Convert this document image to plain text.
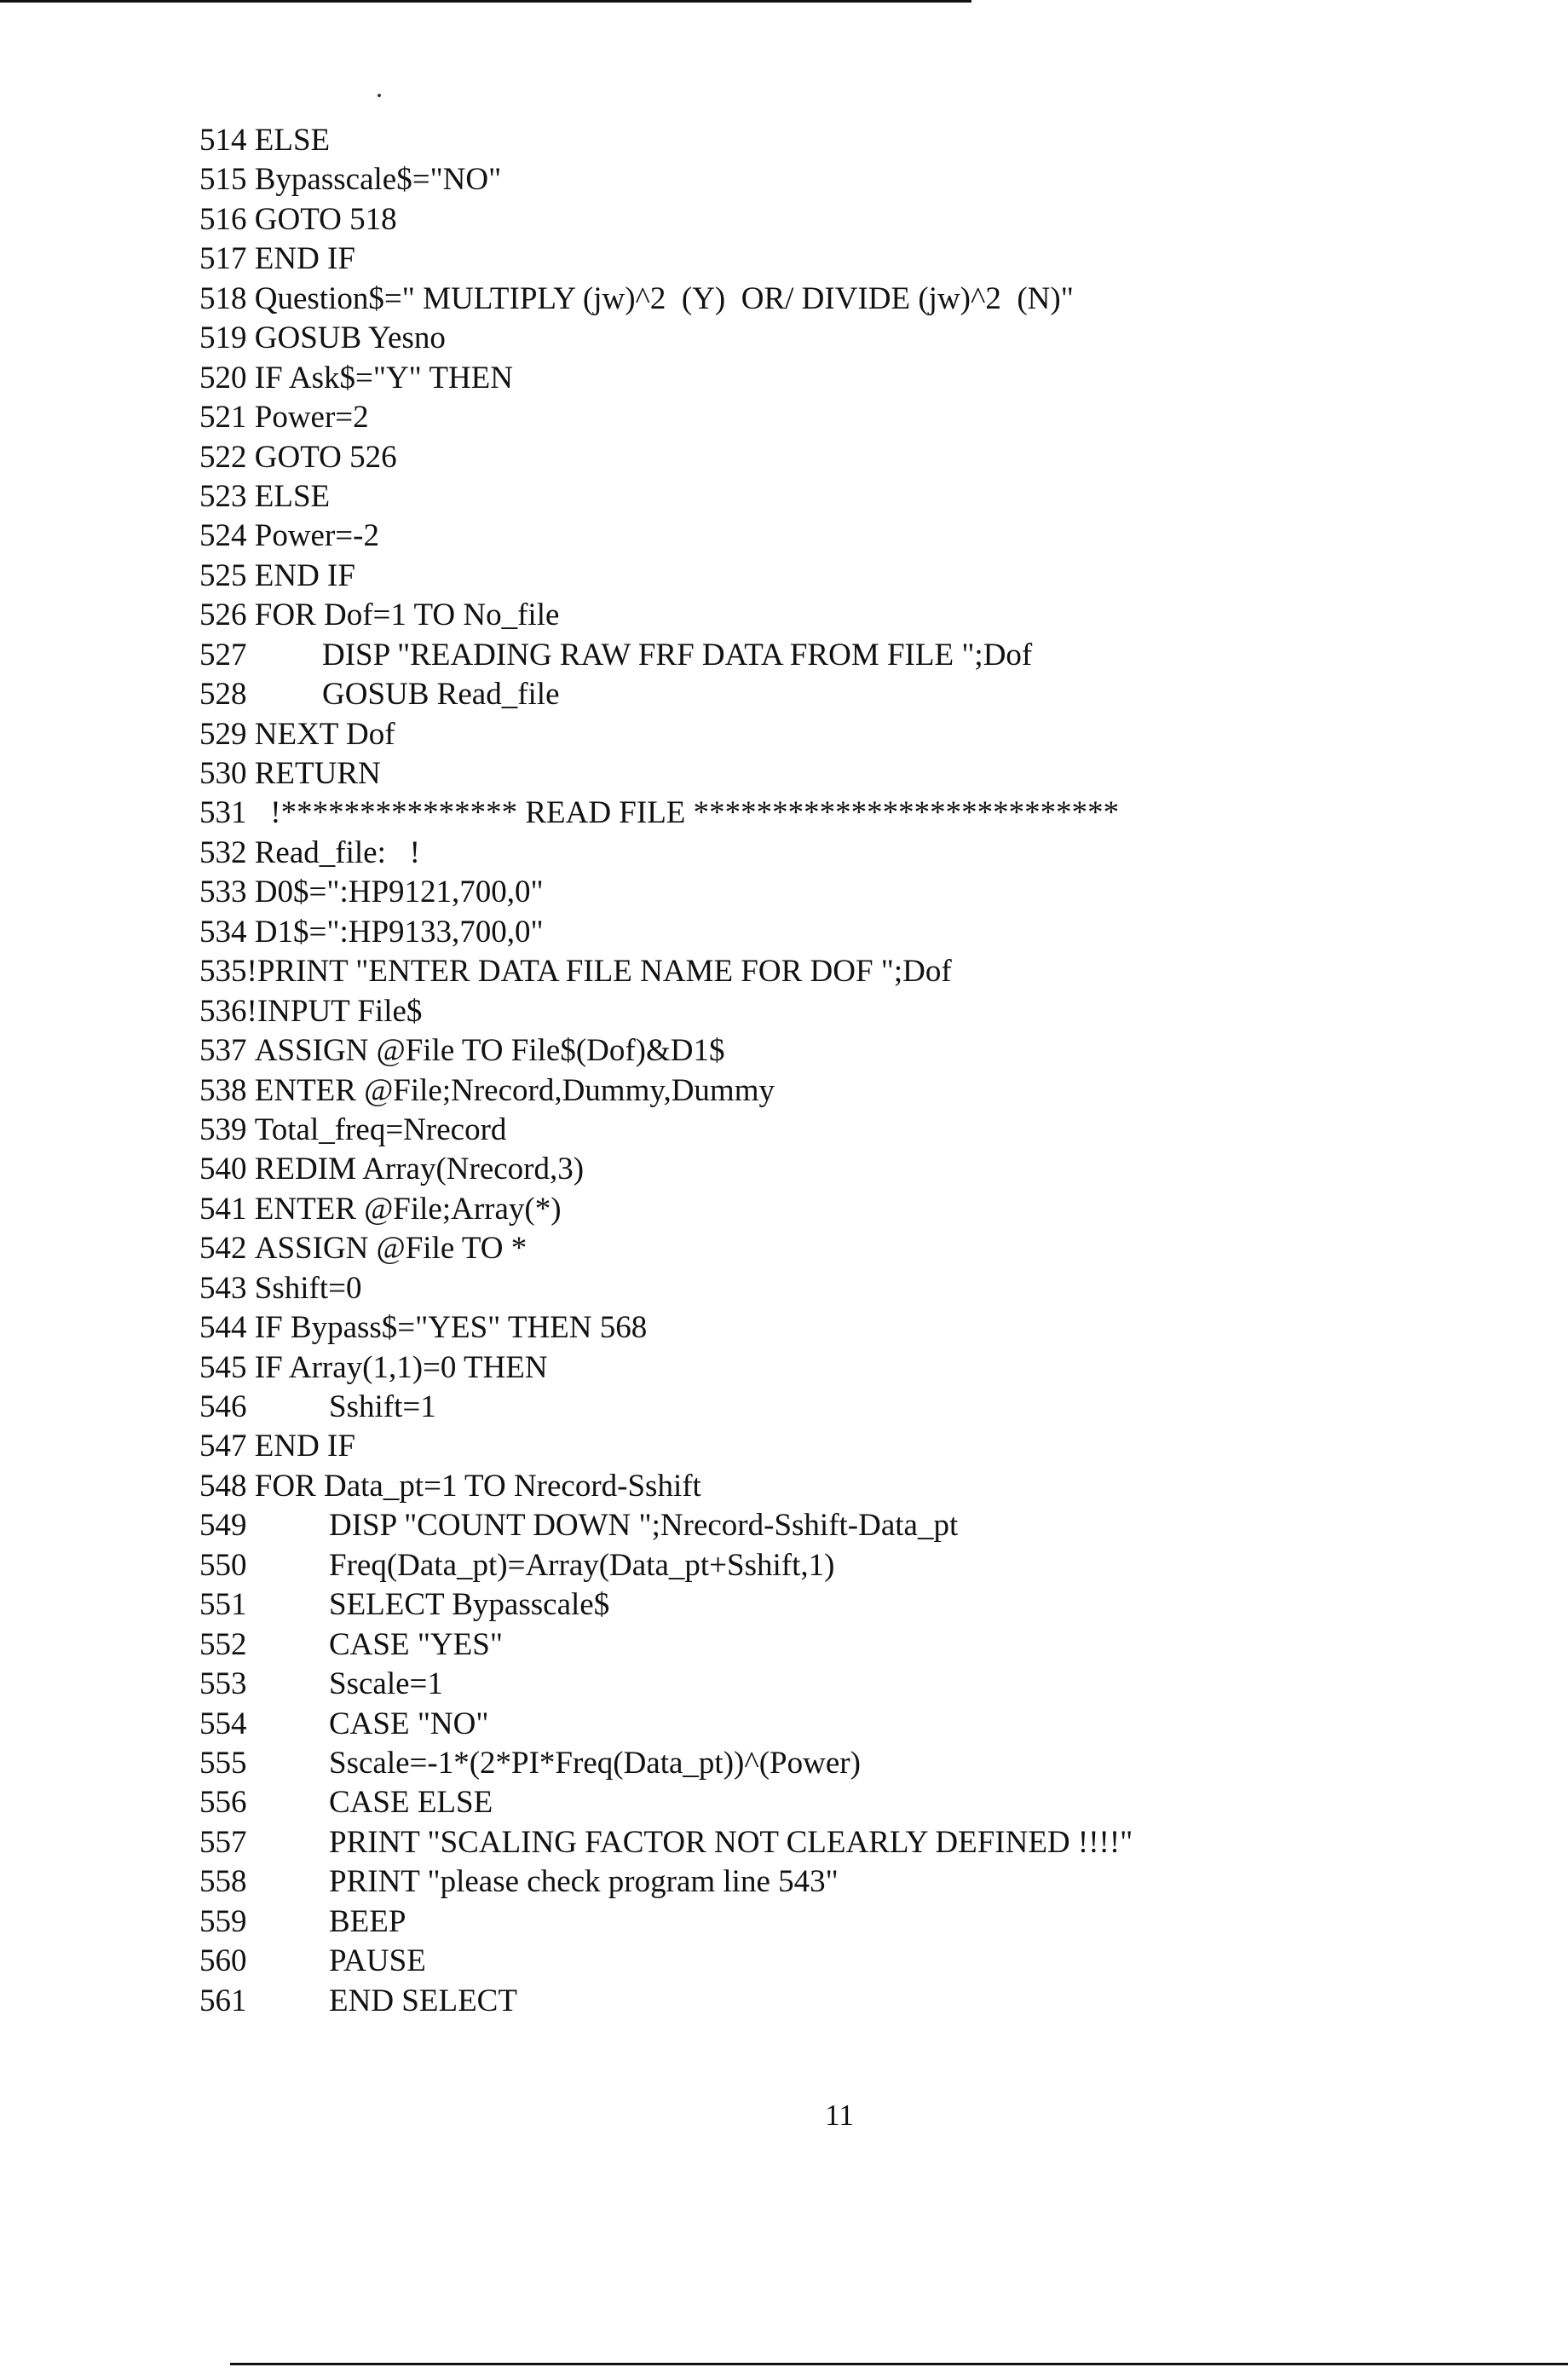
514 ELSE
515 Bypasscale$="NO"
516 GOTO 518
517 END IF
518 Question$=" MULTIPLY (jw)^2  (Y)  OR/ DIVIDE (jw)^2  (N)"
519 GOSUB Yesno
520 IF Ask$="Y" THEN
521 Power=2
522 GOTO 526
523 ELSE
524 Power=-2
525 END IF
526 FOR Dof=1 TO No_file
527 DISP "READING RAW FRF DATA FROM FILE ";Dof
528 GOSUB Read_file
529 NEXT Dof
530 RETURN
531   !*************** READ FILE ***************************
532 Read_file:   !
533 D0$=":HP9121,700,0"
534 D1$=":HP9133,700,0"
535!PRINT "ENTER DATA FILE NAME FOR DOF ";Dof
536!INPUT File$
537 ASSIGN @File TO File$(Dof)&D1$
538 ENTER @File;Nrecord,Dummy,Dummy
539 Total_freq=Nrecord
540 REDIM Array(Nrecord,3)
541 ENTER @File;Array(*)
542 ASSIGN @File TO *
543 Sshift=0
544 IF Bypass$="YES" THEN 568
545 IF Array(1,1)=0 THEN
546	Sshift=1
547 END IF
548 FOR Data_pt=1 TO Nrecord-Sshift
549	DISP "COUNT DOWN ";Nrecord-Sshift-Data_pt
550	Freq(Data_pt)=Array(Data_pt+Sshift,1)
551	SELECT Bypasscale$
552	CASE "YES"
553	Sscale=1
554	CASE "NO"
555	Sscale=-1*(2*PI*Freq(Data_pt))^(Power)
556	CASE ELSE
557	PRINT "SCALING FACTOR NOT CLEARLY DEFINED !!!!"
558	PRINT "please check program line 543"
559	BEEP
560	PAUSE
561	END SELECT
11
